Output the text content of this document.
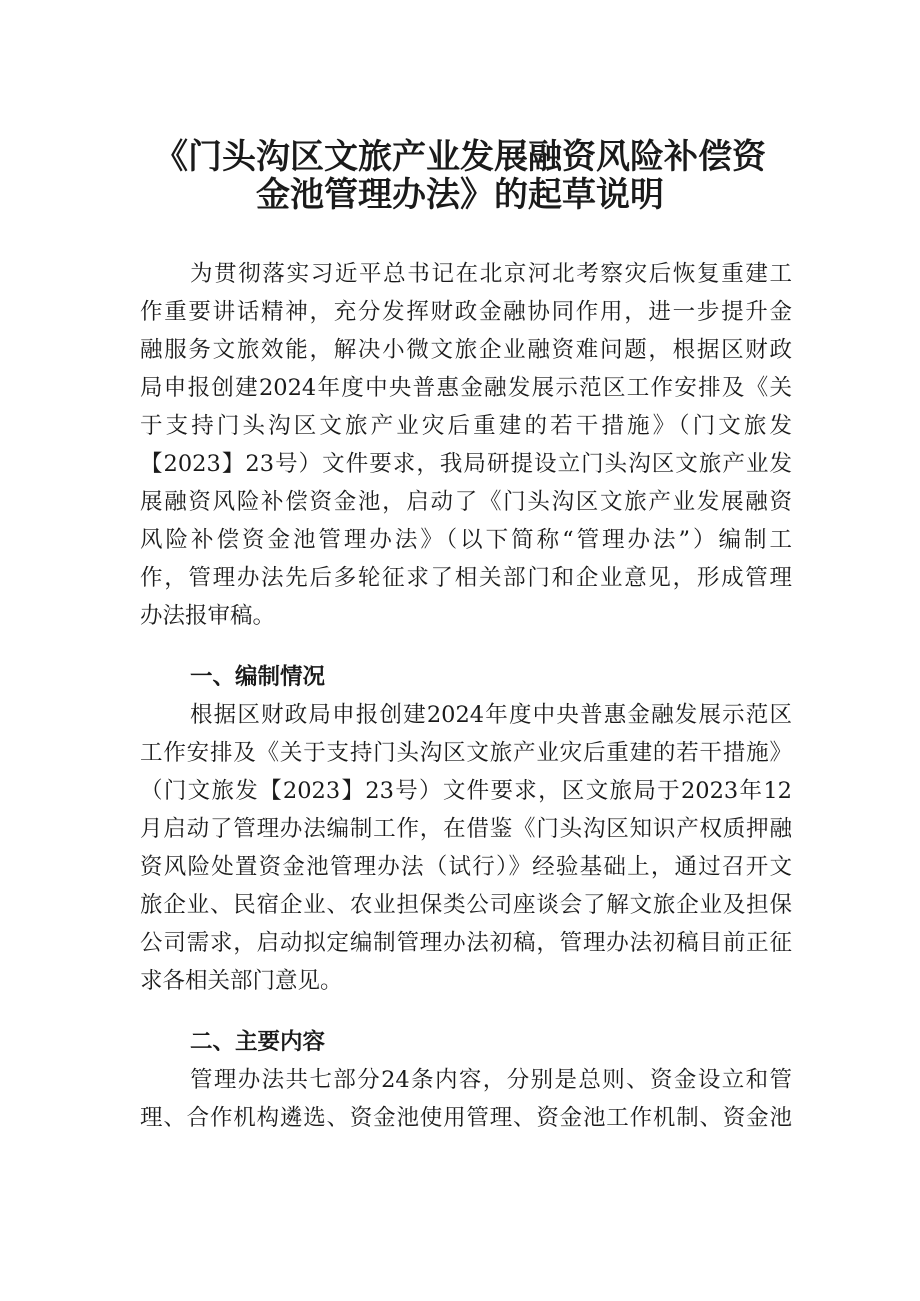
《门头沟区文旅产业发展融资风险补偿资
金池管理办法》的起草说明

为贯彻落实习近平总书记在北京河北考察灾后恢复重建工

作重要讲话精神，充分发挥财政金融协同作用，进一步提升金

融服务文旅效能，解决小微文旅企业融资难问题，根据区财政

局申报创建2024年度中央普惠金融发展示范区工作安排及《关

于支持门头沟区文旅产业灾后重建的若干措施》（门文旅发

【2023】23号）文件要求，我局研提设立门头沟区文旅产业发

展融资风险补偿资金池，启动了《门头沟区文旅产业发展融资

风险补偿资金池管理办法》（以下简称“管理办法”）编制工

作，管理办法先后多轮征求了相关部门和企业意见，形成管理

办法报审稿。

一、编制情况

根据区财政局申报创建2024年度中央普惠金融发展示范区

工作安排及《关于支持门头沟区文旅产业灾后重建的若干措施》

（门文旅发【2023】23号）文件要求，区文旅局于2023年12

月启动了管理办法编制工作，在借鉴《门头沟区知识产权质押融

资风险处置资金池管理办法（试行）》经验基础上，通过召开文

旅企业、民宿企业、农业担保类公司座谈会了解文旅企业及担保

公司需求，启动拟定编制管理办法初稿，管理办法初稿目前正征

求各相关部门意见。

二、主要内容

管理办法共七部分24条内容，分别是总则、资金设立和管

理、合作机构遴选、资金池使用管理、资金池工作机制、资金池
